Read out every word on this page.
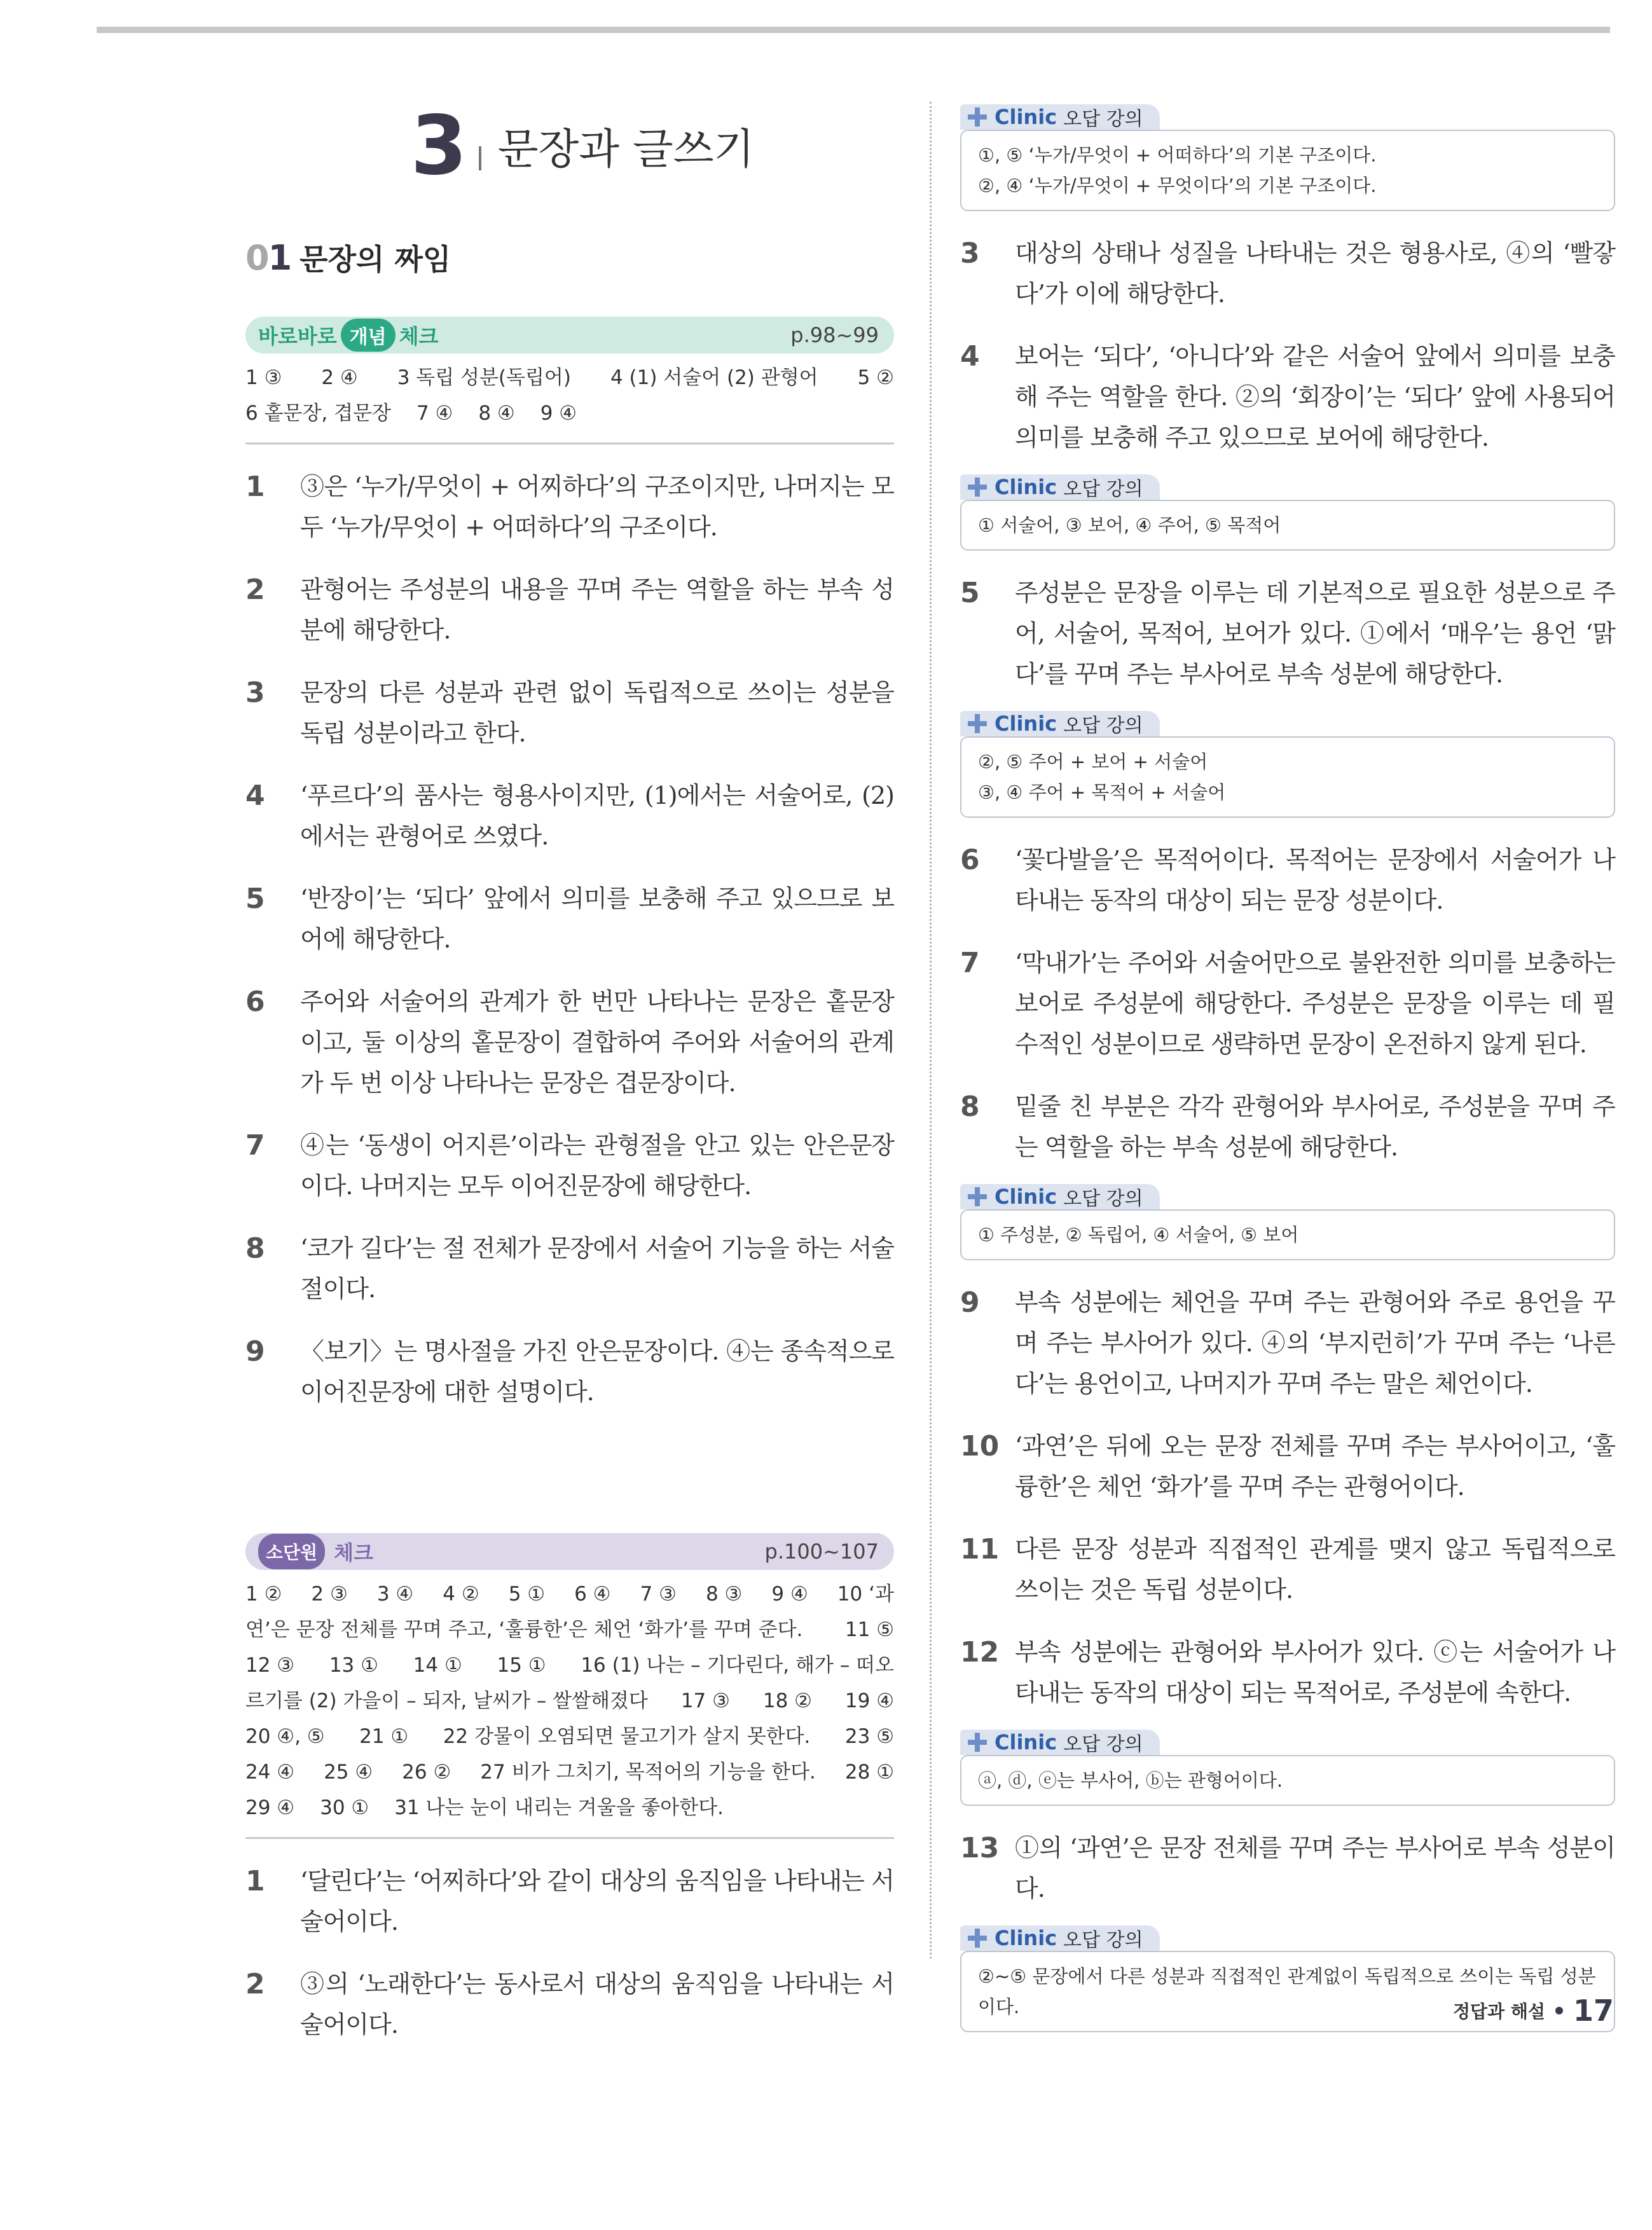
3 문장과 글쓰기
0 1 문장의 짜임
바로바로 개념 체크	p.98~99
1 ③ 2 ④ 3 독립 성분(독립어) 4 (1) 서술어 (2) 관형어 5 ②
6 홑문장, 겹문장 7 ④ 8 ④ 9 ④
1	③은 ‘누가/무엇이 + 어찌하다’의 구조이지만, 나머지는 모두 ‘누가/무엇이 + 어떠하다’의 구조이다.
2	관형어는 주성분의 내용을 꾸며 주는 역할을 하는 부속 성분에 해당한다.
3	문장의 다른 성분과 관련 없이 독립적으로 쓰이는 성분을 독립 성분이라고 한다.
4	‘푸르다’의 품사는 형용사이지만, (1)에서는 서술어로, (2)에서는 관형어로 쓰였다.
5	‘반장이’는 ‘되다’ 앞에서 의미를 보충해 주고 있으므로 보어에 해당한다.
6	주어와 서술어의 관계가 한 번만 나타나는 문장은 홑문장이고, 둘 이상의 홑문장이 결합하여 주어와 서술어의 관계가 두 번 이상 나타나는 문장은 겹문장이다.
7	④는 ‘동생이 어지른’이라는 관형절을 안고 있는 안은문장이다. 나머지는 모두 이어진문장에 해당한다.
8	‘코가 길다’는 절 전체가 문장에서 서술어 기능을 하는 서술절이다.
9	〈보기〉는 명사절을 가진 안은문장이다. ④는 종속적으로 이어진문장에 대한 설명이다.
소단원 체크	p.100~107
1 ② 2 ③ 3 ④ 4 ② 5 ① 6 ④ 7 ③ 8 ③ 9 ④ 10 ‘과
연’은 문장 전체를 꾸며 주고, ‘훌륭한’은 체언 ‘화가’를 꾸며 준다. 11 ⑤
12 ③ 13 ① 14 ① 15 ① 16 (1) 나는 – 기다린다, 해가 – 떠오
르기를 (2) 가을이 – 되자, 날씨가 – 쌀쌀해졌다 17 ③ 18 ② 19 ④
20 ④, ⑤ 21 ① 22 강물이 오염되면 물고기가 살지 못한다. 23 ⑤
24 ④ 25 ④ 26 ② 27 비가 그치기, 목적어의 기능을 한다. 28 ①
29 ④ 30 ① 31 나는 눈이 내리는 겨울을 좋아한다.
1	‘달린다’는 ‘어찌하다’와 같이 대상의 움직임을 나타내는 서술어이다.
2	③의 ‘노래한다’는 동사로서 대상의 움직임을 나타내는 서술어이다.
Clinic 오답 강의
①, ⑤ ‘누가/무엇이 + 어떠하다’의 기본 구조이다.
②, ④ ‘누가/무엇이 + 무엇이다’의 기본 구조이다.
3	대상의 상태나 성질을 나타내는 것은 형용사로, ④의 ‘빨갛다’가 이에 해당한다.
4	보어는 ‘되다’, ‘아니다’와 같은 서술어 앞에서 의미를 보충해 주는 역할을 한다. ②의 ‘회장이’는 ‘되다’ 앞에 사용되어 의미를 보충해 주고 있으므로 보어에 해당한다.
Clinic 오답 강의
① 서술어, ③ 보어, ④ 주어, ⑤ 목적어
5	주성분은 문장을 이루는 데 기본적으로 필요한 성분으로 주어, 서술어, 목적어, 보어가 있다. ①에서 ‘매우’는 용언 ‘맑다’를 꾸며 주는 부사어로 부속 성분에 해당한다.
Clinic 오답 강의
②, ⑤ 주어 + 보어 + 서술어
③, ④ 주어 + 목적어 + 서술어
6	‘꽃다발을’은 목적어이다. 목적어는 문장에서 서술어가 나타내는 동작의 대상이 되는 문장 성분이다.
7	‘막내가’는 주어와 서술어만으로 불완전한 의미를 보충하는 보어로 주성분에 해당한다. 주성분은 문장을 이루는 데 필수적인 성분이므로 생략하면 문장이 온전하지 않게 된다.
8	밑줄 친 부분은 각각 관형어와 부사어로, 주성분을 꾸며 주는 역할을 하는 부속 성분에 해당한다.
Clinic 오답 강의
① 주성분, ② 독립어, ④ 서술어, ⑤ 보어
9	부속 성분에는 체언을 꾸며 주는 관형어와 주로 용언을 꾸며 주는 부사어가 있다. ④의 ‘부지런히’가 꾸며 주는 ‘나른다’는 용언이고, 나머지가 꾸며 주는 말은 체언이다.
10 ‘과연’은 뒤에 오는 문장 전체를 꾸며 주는 부사어이고, ‘훌륭한’은 체언 ‘화가’를 꾸며 주는 관형어이다.
11 다른 문장 성분과 직접적인 관계를 맺지 않고 독립적으로 쓰이는 것은 독립 성분이다.
12 부속 성분에는 관형어와 부사어가 있다. ⓒ는 서술어가 나타내는 동작의 대상이 되는 목적어로, 주성분에 속한다.
Clinic 오답 강의
ⓐ, ⓓ, ⓔ는 부사어, ⓑ는 관형어이다.
13 ①의 ‘과연’은 문장 전체를 꾸며 주는 부사어로 부속 성분이다.
Clinic 오답 강의
②~⑤ 문장에서 다른 성분과 직접적인 관계없이 독립적으로 쓰이는 독립 성분이다.	정답과 해설 17
